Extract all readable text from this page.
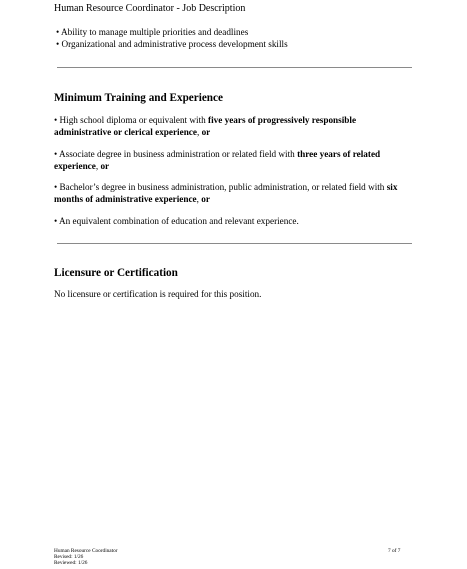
Human Resource Coordinator - Job Description
• Ability to manage multiple priorities and deadlines
• Organizational and administrative process development skills
Minimum Training and Experience
• High school diploma or equivalent with five years of progressively responsible administrative or clerical experience, or
• Associate degree in business administration or related field with three years of related experience, or
• Bachelor’s degree in business administration, public administration, or related field with six months of administrative experience, or
• An equivalent combination of education and relevant experience.
Licensure or Certification
No licensure or certification is required for this position.
Human Resource Coordinator
Revised: 1/26
Reviewed: 1/26
7 of 7
